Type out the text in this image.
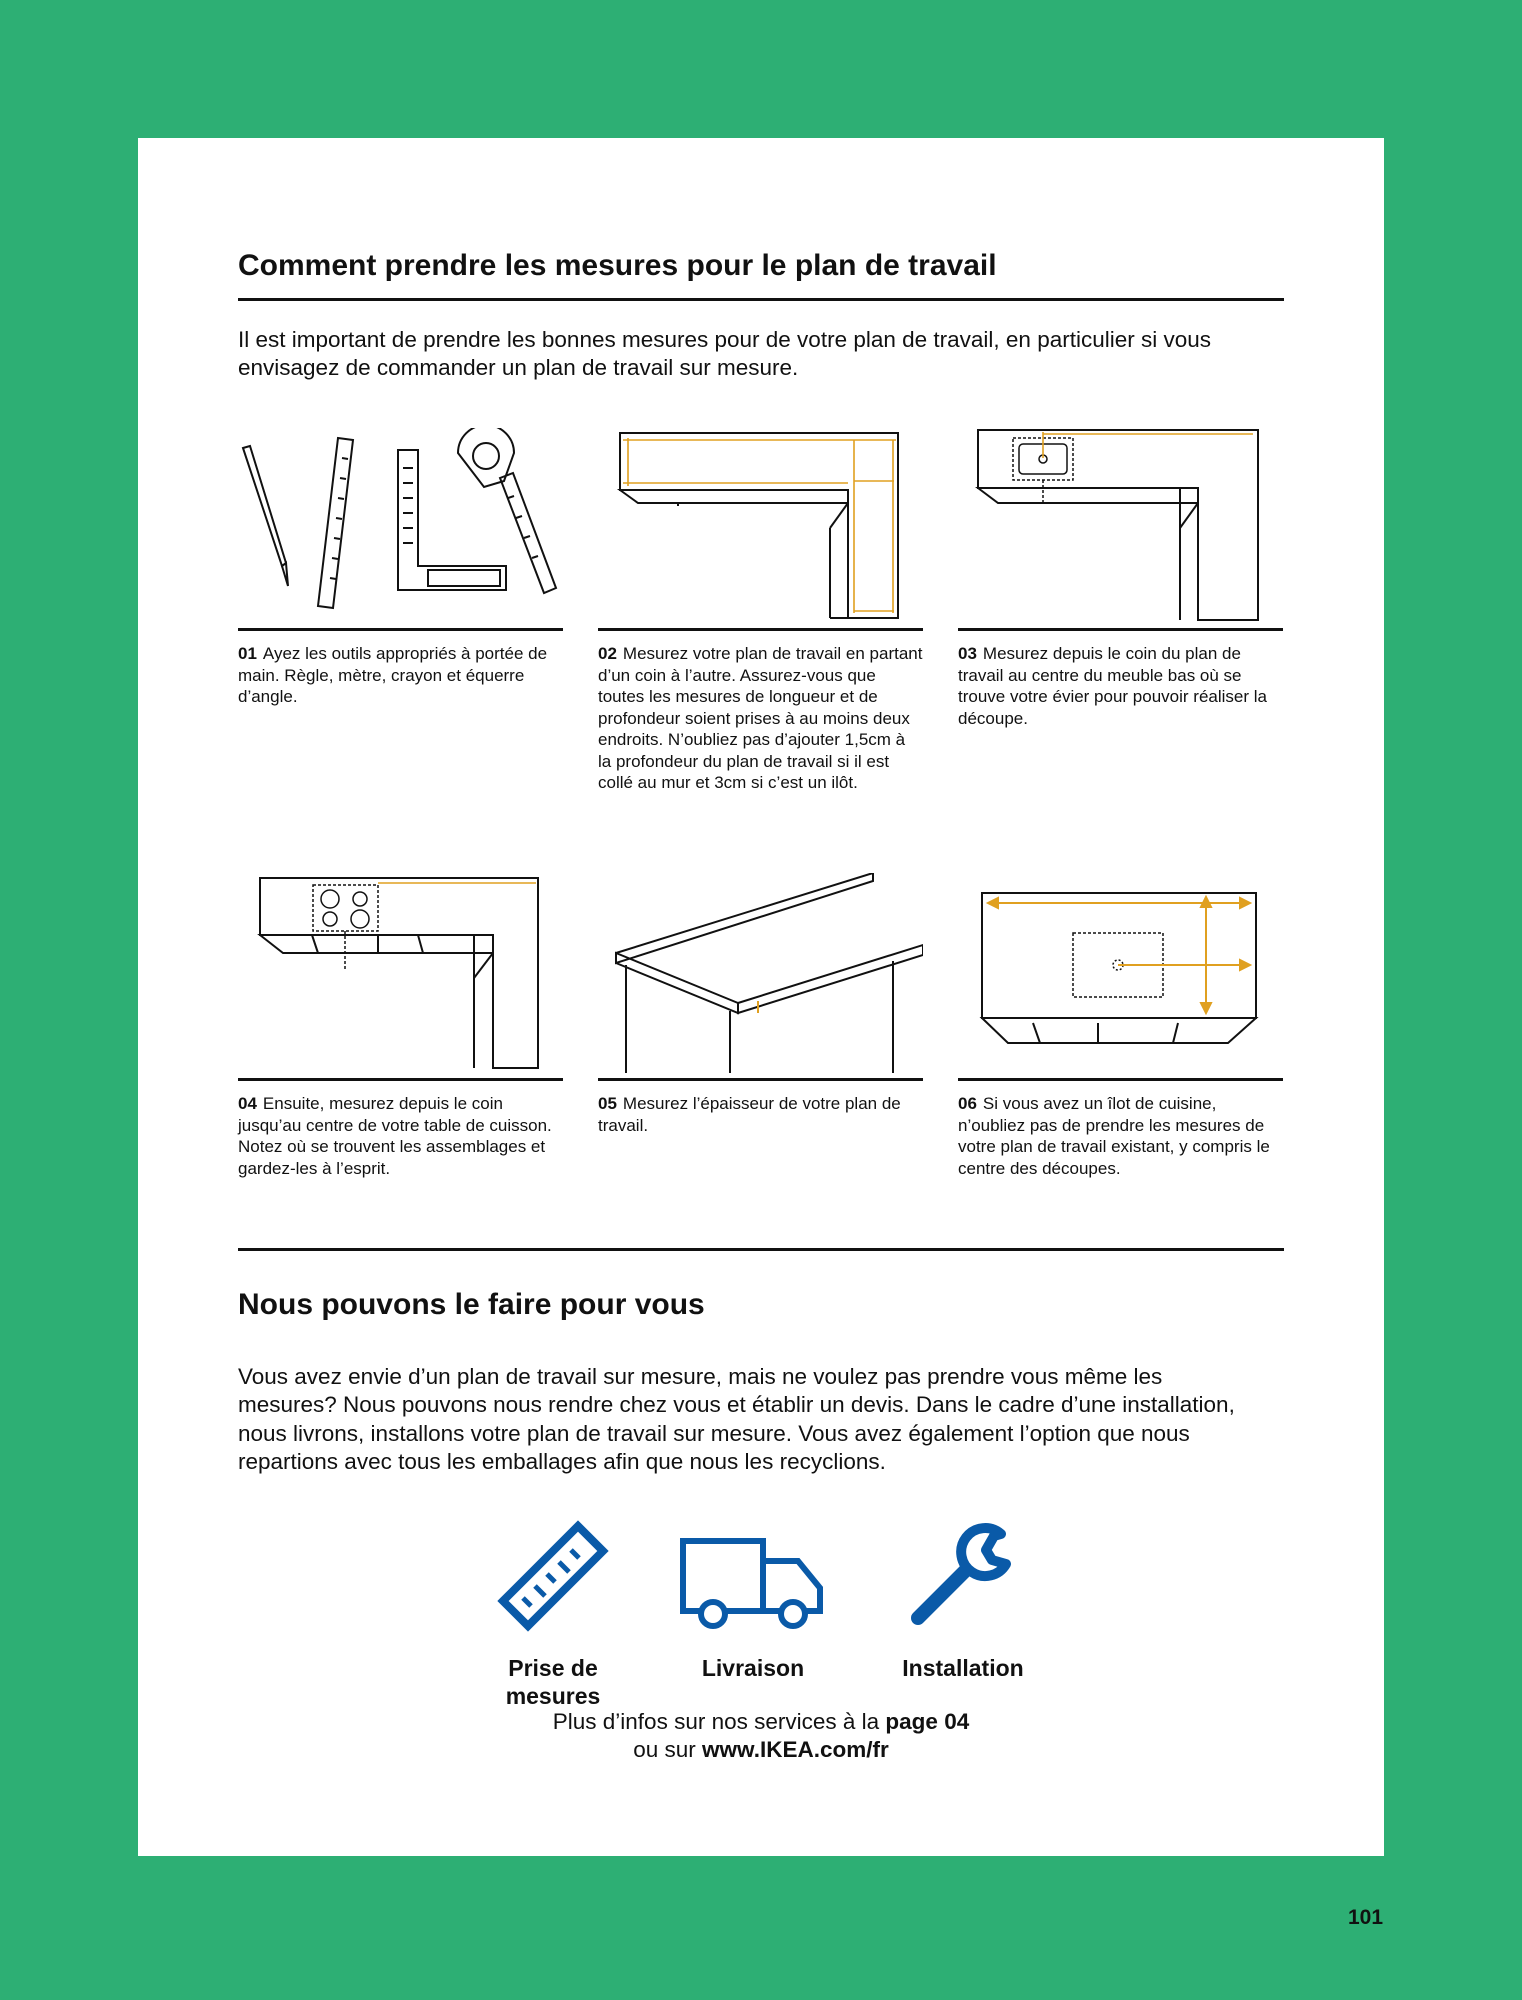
Comment prendre les mesures pour le plan de travail

Il est important de prendre les bonnes mesures pour de votre plan de travail, en particulier si vous envisagez de commander un plan de travail sur mesure.

01 Ayez les outils appropriés à portée de main. Règle, mètre, crayon et équerre d’angle.

02 Mesurez votre plan de travail en partant d’un coin à l’autre. Assurez-vous que toutes les mesures de longueur et de profondeur soient prises à au moins deux endroits. N’oubliez pas d’ajouter 1,5cm à la profondeur du plan de travail si il est collé au mur et 3cm si c’est un ilôt.

03 Mesurez depuis le coin du plan de travail au centre du meuble bas où se trouve votre évier pour pouvoir réaliser la découpe.

04 Ensuite, mesurez depuis le coin jusqu’au centre de votre table de cuisson. Notez où se trouvent les assemblages et gardez-les à l’esprit.

05 Mesurez l’épaisseur de votre plan de travail.

06 Si vous avez un îlot de cuisine, n’oubliez pas de prendre les mesures de votre plan de travail existant, y compris le centre des découpes.

Nous pouvons le faire pour vous

Vous avez envie d’un plan de travail sur mesure, mais ne voulez pas prendre vous même les mesures? Nous pouvons nous rendre chez vous et établir un devis. Dans le cadre d’une installation, nous livrons, installons votre plan de travail sur mesure. Vous avez également l’option que nous repartions avec tous les emballages afin que nous les recyclions.

Prise de
mesures
Livraison	Installation
Plus d’infos sur nos services à la page 04
ou sur www.IKEA.com/fr
101
